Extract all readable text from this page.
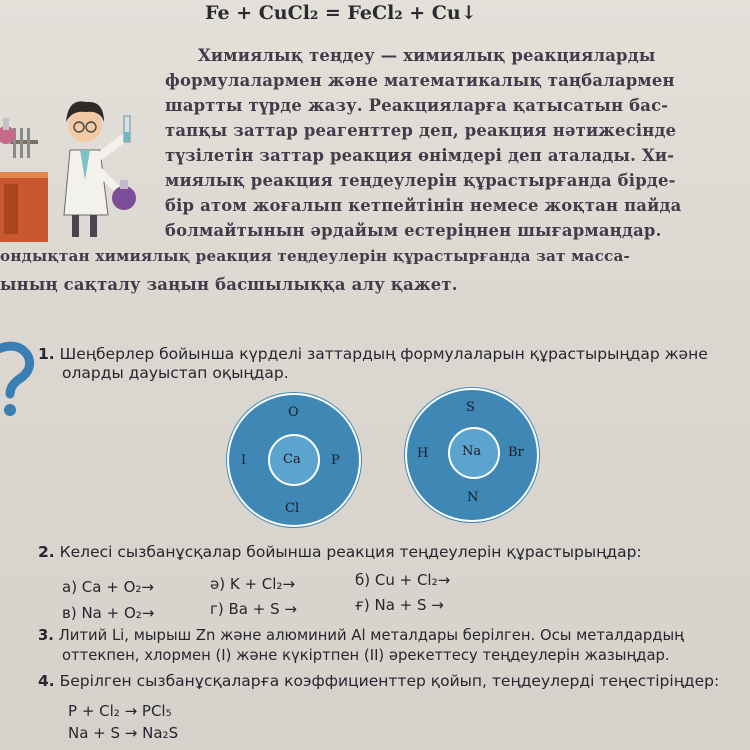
Fe + CuCl₂ = FeCl₂ + Cu↓
Химиялық теңдеу — химиялық реакцияларды
формулалармен және математикалық таңбалармен
шартты түрде жазу. Реакцияларға қатысатын бас-
тапқы заттар реагенттер деп, реакция нәтижесінде
түзілетін заттар реакция өнімдері деп аталады. Хи-
миялық реакция теңдеулерін құрастырғанда бірде-
бір атом жоғалып кетпейтінін немесе жоқтан пайда
болмайтынын әрдайым естеріңнен шығармаңдар.
ондықтан химиялық реакция теңдеулерін құрастырғанда зат масса-
ының сақталу заңын басшылыққа алу қажет.
1. Шеңберлер бойынша күрделі заттардың формулаларын құрастырыңдар және
оларды дауыстап оқыңдар.
Ca
O
I	P
Cl
Na
S
H	Br
N
2. Келесі сызбанұсқалар бойынша реакция теңдеулерін құрастырыңдар:
а) Ca + O₂→	ә) K + Cl₂→	б) Cu + Cl₂→
в) Na + O₂→	г) Ba + S →	ғ) Na + S →
3. Литий Li, мырыш Zn және алюминий Al металдары берілген. Осы металдардың
оттекпен, хлормен (I) және күкіртпен (II) әрекеттесу теңдеулерін жазыңдар.
4. Берілген сызбанұсқаларға коэффициенттер қойып, теңдеулерді теңестіріңдер:
P + Cl₂ → PCl₅
Na + S → Na₂S
